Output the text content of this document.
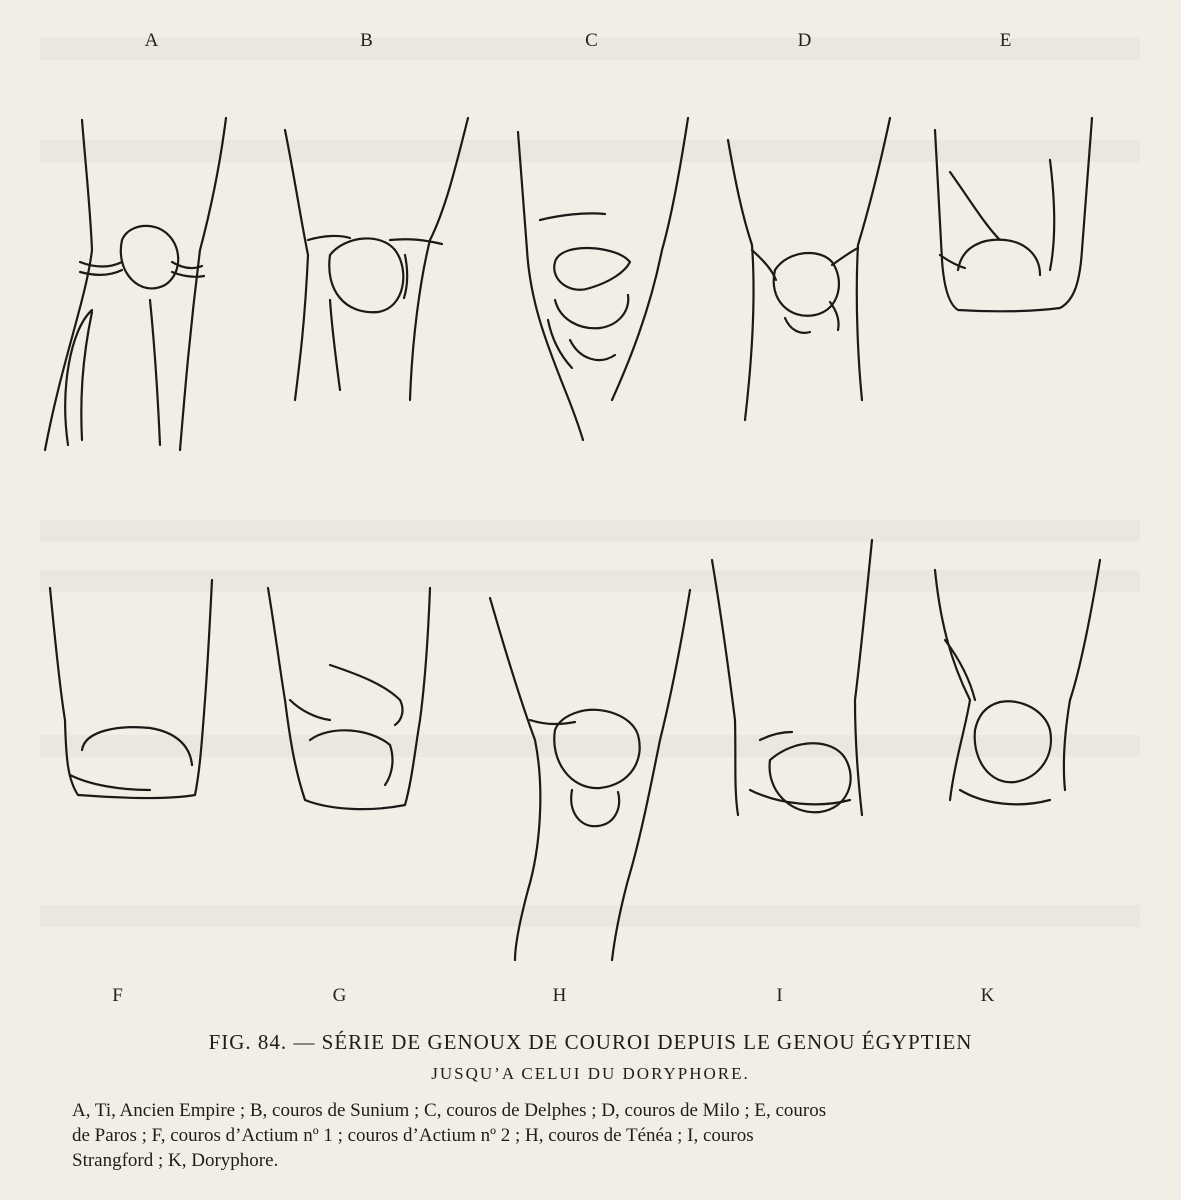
A	B	C	D	E
F	G	H	I	K
FIG. 84. — SÉRIE DE GENOUX DE COUROI DEPUIS LE GENOU ÉGYPTIEN
JUSQU’A CELUI DU DORYPHORE.
A, Ti, Ancien Empire ; B, couros de Sunium ; C, couros de Delphes ; D, couros de Milo ; E, couros
de Paros ; F, couros d’Actium nº 1 ; couros d’Actium nº 2 ; H, couros de Ténéa ; I, couros
Strangford ; K, Doryphore.
